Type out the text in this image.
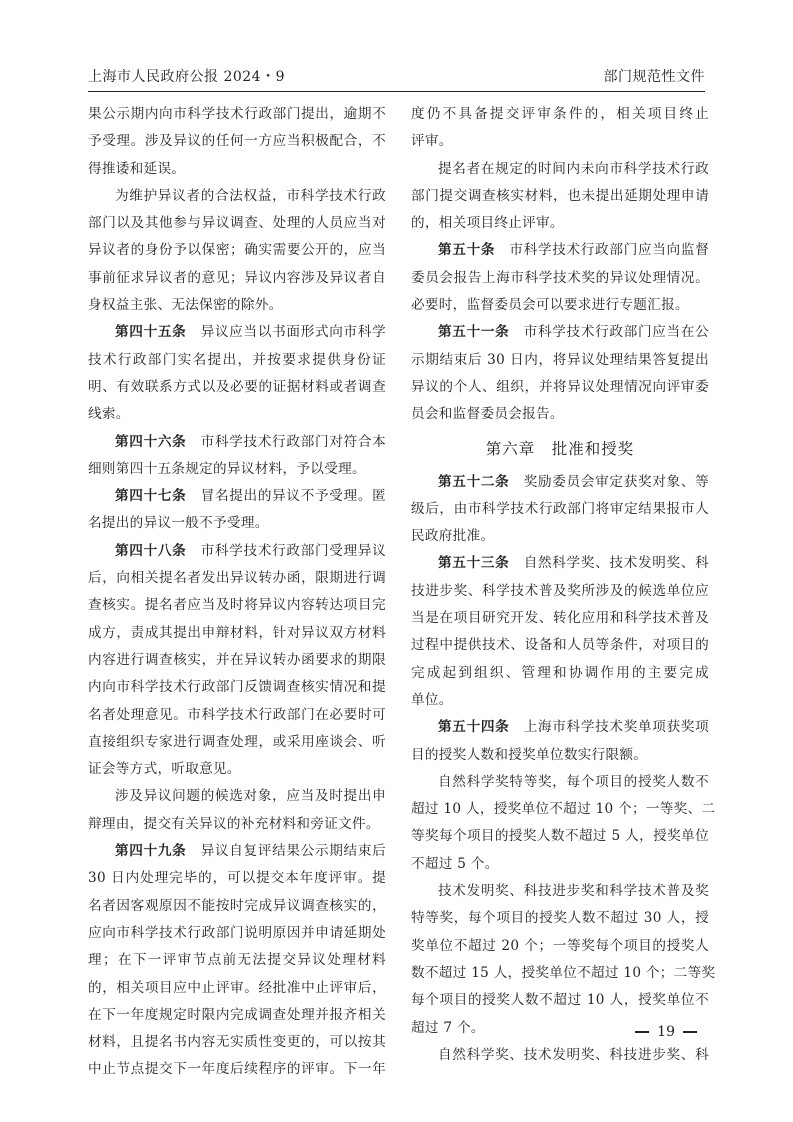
上海市人民政府公报 2024・9	部门规范性文件
果公示期内向市科学技术行政部门提出，逾期不
予受理。涉及异议的任何一方应当积极配合，不
得推诿和延误。
为维护异议者的合法权益，市科学技术行政
部门以及其他参与异议调查、处理的人员应当对
异议者的身份予以保密；确实需要公开的，应当
事前征求异议者的意见；异议内容涉及异议者自
身权益主张、无法保密的除外。
第四十五条　异议应当以书面形式向市科学
技术行政部门实名提出，并按要求提供身份证
明、有效联系方式以及必要的证据材料或者调查
线索。
第四十六条　市科学技术行政部门对符合本
细则第四十五条规定的异议材料，予以受理。
第四十七条　冒名提出的异议不予受理。匿
名提出的异议一般不予受理。
第四十八条　市科学技术行政部门受理异议
后，向相关提名者发出异议转办函，限期进行调
查核实。提名者应当及时将异议内容转达项目完
成方，责成其提出申辩材料，针对异议双方材料
内容进行调查核实，并在异议转办函要求的期限
内向市科学技术行政部门反馈调查核实情况和提
名者处理意见。市科学技术行政部门在必要时可
直接组织专家进行调查处理，或采用座谈会、听
证会等方式，听取意见。
涉及异议问题的候选对象，应当及时提出申
辩理由，提交有关异议的补充材料和旁证文件。
第四十九条　异议自复评结果公示期结束后
30 日内处理完毕的，可以提交本年度评审。提
名者因客观原因不能按时完成异议调查核实的，
应向市科学技术行政部门说明原因并申请延期处
理；在下一评审节点前无法提交异议处理材料
的，相关项目应中止评审。经批准中止评审后，
在下一年度规定时限内完成调查处理并报齐相关
材料，且提名书内容无实质性变更的，可以按其
中止节点提交下一年度后续程序的评审。下一年
度仍不具备提交评审条件的，相关项目终止
评审。
提名者在规定的时间内未向市科学技术行政
部门提交调查核实材料，也未提出延期处理申请
的，相关项目终止评审。
第五十条　市科学技术行政部门应当向监督
委员会报告上海市科学技术奖的异议处理情况。
必要时，监督委员会可以要求进行专题汇报。
第五十一条　市科学技术行政部门应当在公
示期结束后 30 日内，将异议处理结果答复提出
异议的个人、组织，并将异议处理情况向评审委
员会和监督委员会报告。
第六章　批准和授奖
第五十二条　奖励委员会审定获奖对象、等
级后，由市科学技术行政部门将审定结果报市人
民政府批准。
第五十三条　自然科学奖、技术发明奖、科
技进步奖、科学技术普及奖所涉及的候选单位应
当是在项目研究开发、转化应用和科学技术普及
过程中提供技术、设备和人员等条件，对项目的
完成起到组织、管理和协调作用的主要完成
单位。
第五十四条　上海市科学技术奖单项获奖项
目的授奖人数和授奖单位数实行限额。
自然科学奖特等奖，每个项目的授奖人数不
超过 10 人，授奖单位不超过 10 个；一等奖、二
等奖每个项目的授奖人数不超过 5 人，授奖单位
不超过 5 个。
技术发明奖、科技进步奖和科学技术普及奖
特等奖，每个项目的授奖人数不超过 30 人，授
奖单位不超过 20 个；一等奖每个项目的授奖人
数不超过 15 人，授奖单位不超过 10 个；二等奖
每个项目的授奖人数不超过 10 人，授奖单位不
超过 7 个。
自然科学奖、技术发明奖、科技进步奖、科
19
